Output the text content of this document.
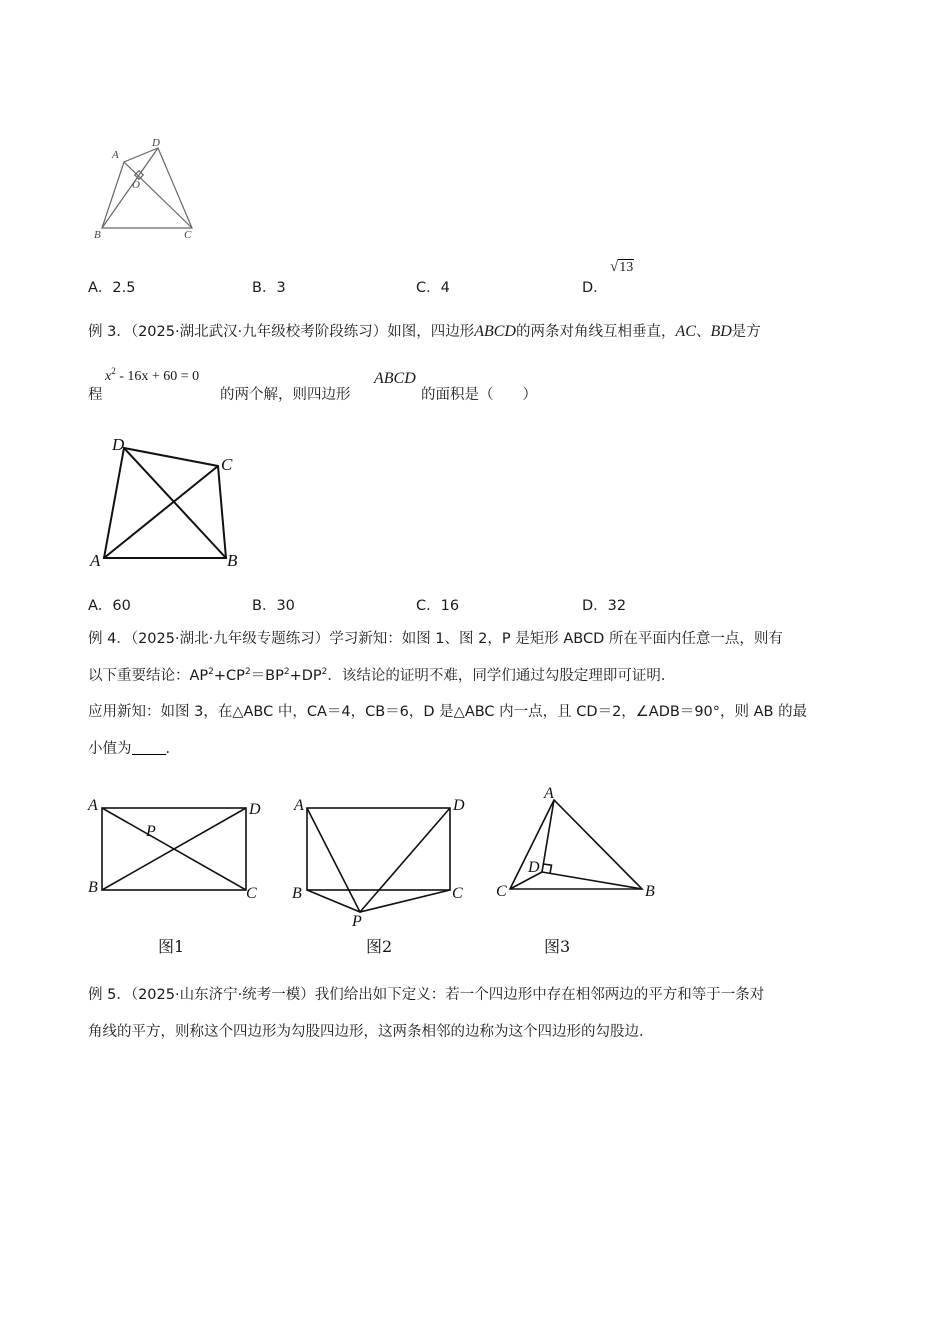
A
D
O
B	C
A．2.5	B．3	C．4	D．
√13
例 3．（2025·湖北武汉·九年级校考阶段练习）如图，四边形ABCD的两条对角线互相垂直，AC、BD是方
程
$x^2 - 16x + 60 = 0$
的两个解，则四边形
ABCD
的面积是（　　）
D
C
A	B
A．60	B．30	C．16	D．32
例 4．（2025·湖北·九年级专题练习）学习新知：如图 1、图 2，P 是矩形 ABCD 所在平面内任意一点，则有
以下重要结论：$AP^2+CP^2=BP^2+DP^2$．该结论的证明不难，同学们通过勾股定理即可证明．
应用新知：如图 3，在△ABC 中，CA＝4，CB＝6，D 是△ABC 内一点，且 CD＝2，∠ADB＝90°，则 AB 的最
小值为 ．
A	D
P
B	C
图1
A	D
B	C
P
图2
A
D
C	B
图3
例 5．（2025·山东济宁·统考一模）我们给出如下定义：若一个四边形中存在相邻两边的平方和等于一条对
角线的平方，则称这个四边形为勾股四边形，这两条相邻的边称为这个四边形的勾股边．
